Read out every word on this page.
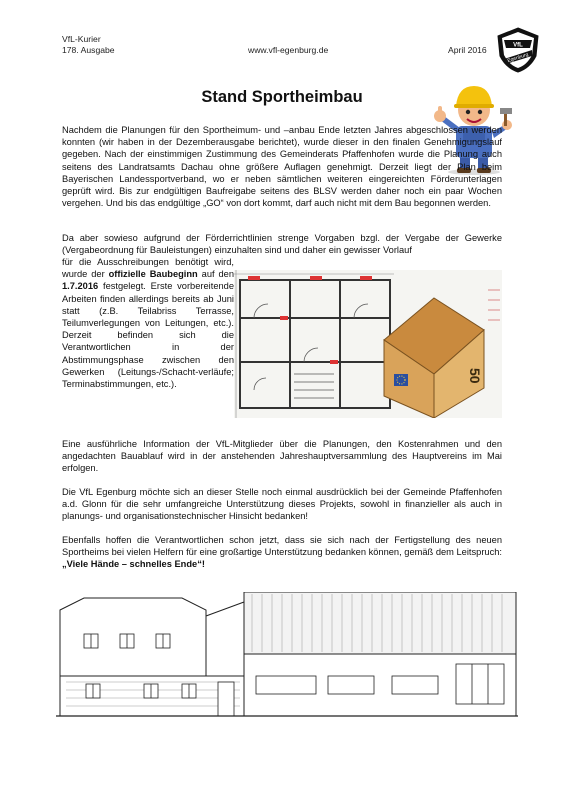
VfL-Kurier
178. Ausgabe	www.vfl-egenburg.de	April 2016	VfL
Egenburg
Stand Sportheimbau

Nachdem die Planungen für den Sportheimum- und –anbau Ende letzten Jahres abgeschlossen werden konnten (wir haben in der Dezemberausgabe berichtet), wurde dieser in den finalen Genehmigungslauf gegeben. Nach der einstimmigen Zustimmung des Gemeinderats Pfaffenhofen wurde die Planung auch seitens des Landratsamts Dachau ohne größere Auflagen genehmigt. Derzeit liegt der Plan beim Bayerischen Landessportverband, wo er neben sämtlichen weiteren eingereichten Förderunterlagen geprüft wird. Bis zur endgültigen Baufreigabe seitens des BLSV werden daher noch ein paar Wochen vergehen. Und bis das endgültige „GO“ von dort kommt, darf auch nicht mit dem Bau begonnen werden.

Da aber sowieso aufgrund der Förderrichtlinien strenge Vorgaben bzgl. der Vergabe der Gewerke (Vergabeordnung für Bauleistungen) einzuhalten sind und daher ein gewisser Vorlauf

für die Ausschreibungen benötigt wird, wurde der offizielle Baubeginn auf den 1.7.2016 festgelegt. Erste vorbereitende Arbeiten finden allerdings bereits ab Juni statt (z.B. Teilabriss Terrasse, Teilumverlegungen von Leitungen, etc.). Derzeit befinden sich die Verantwortlichen in der Abstimmungsphase zwischen den Gewerken (Leitungs-/Schacht-verläufe; Terminabstimmungen, etc.).

50

Eine ausführliche Information der VfL-Mitglieder über die Planungen, den Kostenrahmen und den angedachten Bauablauf wird in der anstehenden Jahreshauptversammlung des Hauptvereins im Mai erfolgen.

Die VfL Egenburg möchte sich an dieser Stelle noch einmal ausdrücklich bei der Gemeinde Pfaffenhofen a.d. Glonn für die sehr umfangreiche Unterstützung dieses Projekts, sowohl in finanzieller als auch in planungs- und organisationstechnischer Hinsicht bedanken!

Ebenfalls hoffen die Verantwortlichen schon jetzt, dass sie sich nach der Fertigstellung des neuen Sportheims bei vielen Helfern für eine großartige Unterstützung bedanken können, gemäß dem Leitspruch: „Viele Hände – schnelles Ende“!
